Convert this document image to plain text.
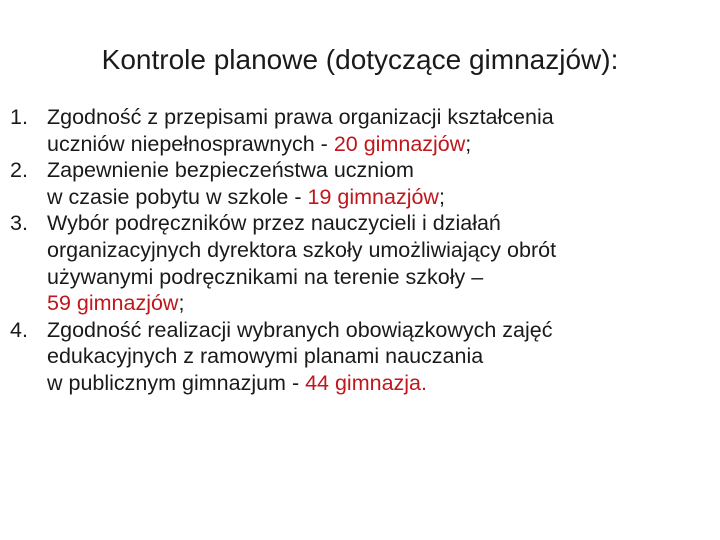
Kontrole planowe (dotyczące gimnazjów):
1. Zgodność z przepisami prawa organizacji kształcenia
uczniów niepełnosprawnych - 20 gimnazjów;
2. Zapewnienie bezpieczeństwa uczniom
w czasie pobytu w szkole - 19 gimnazjów;
3. Wybór podręczników przez nauczycieli i działań
organizacyjnych dyrektora szkoły umożliwiający obrót
używanymi podręcznikami na terenie szkoły –
59 gimnazjów;
4. Zgodność realizacji wybranych obowiązkowych zajęć
edukacyjnych z ramowymi planami nauczania
w publicznym gimnazjum - 44 gimnazja.
